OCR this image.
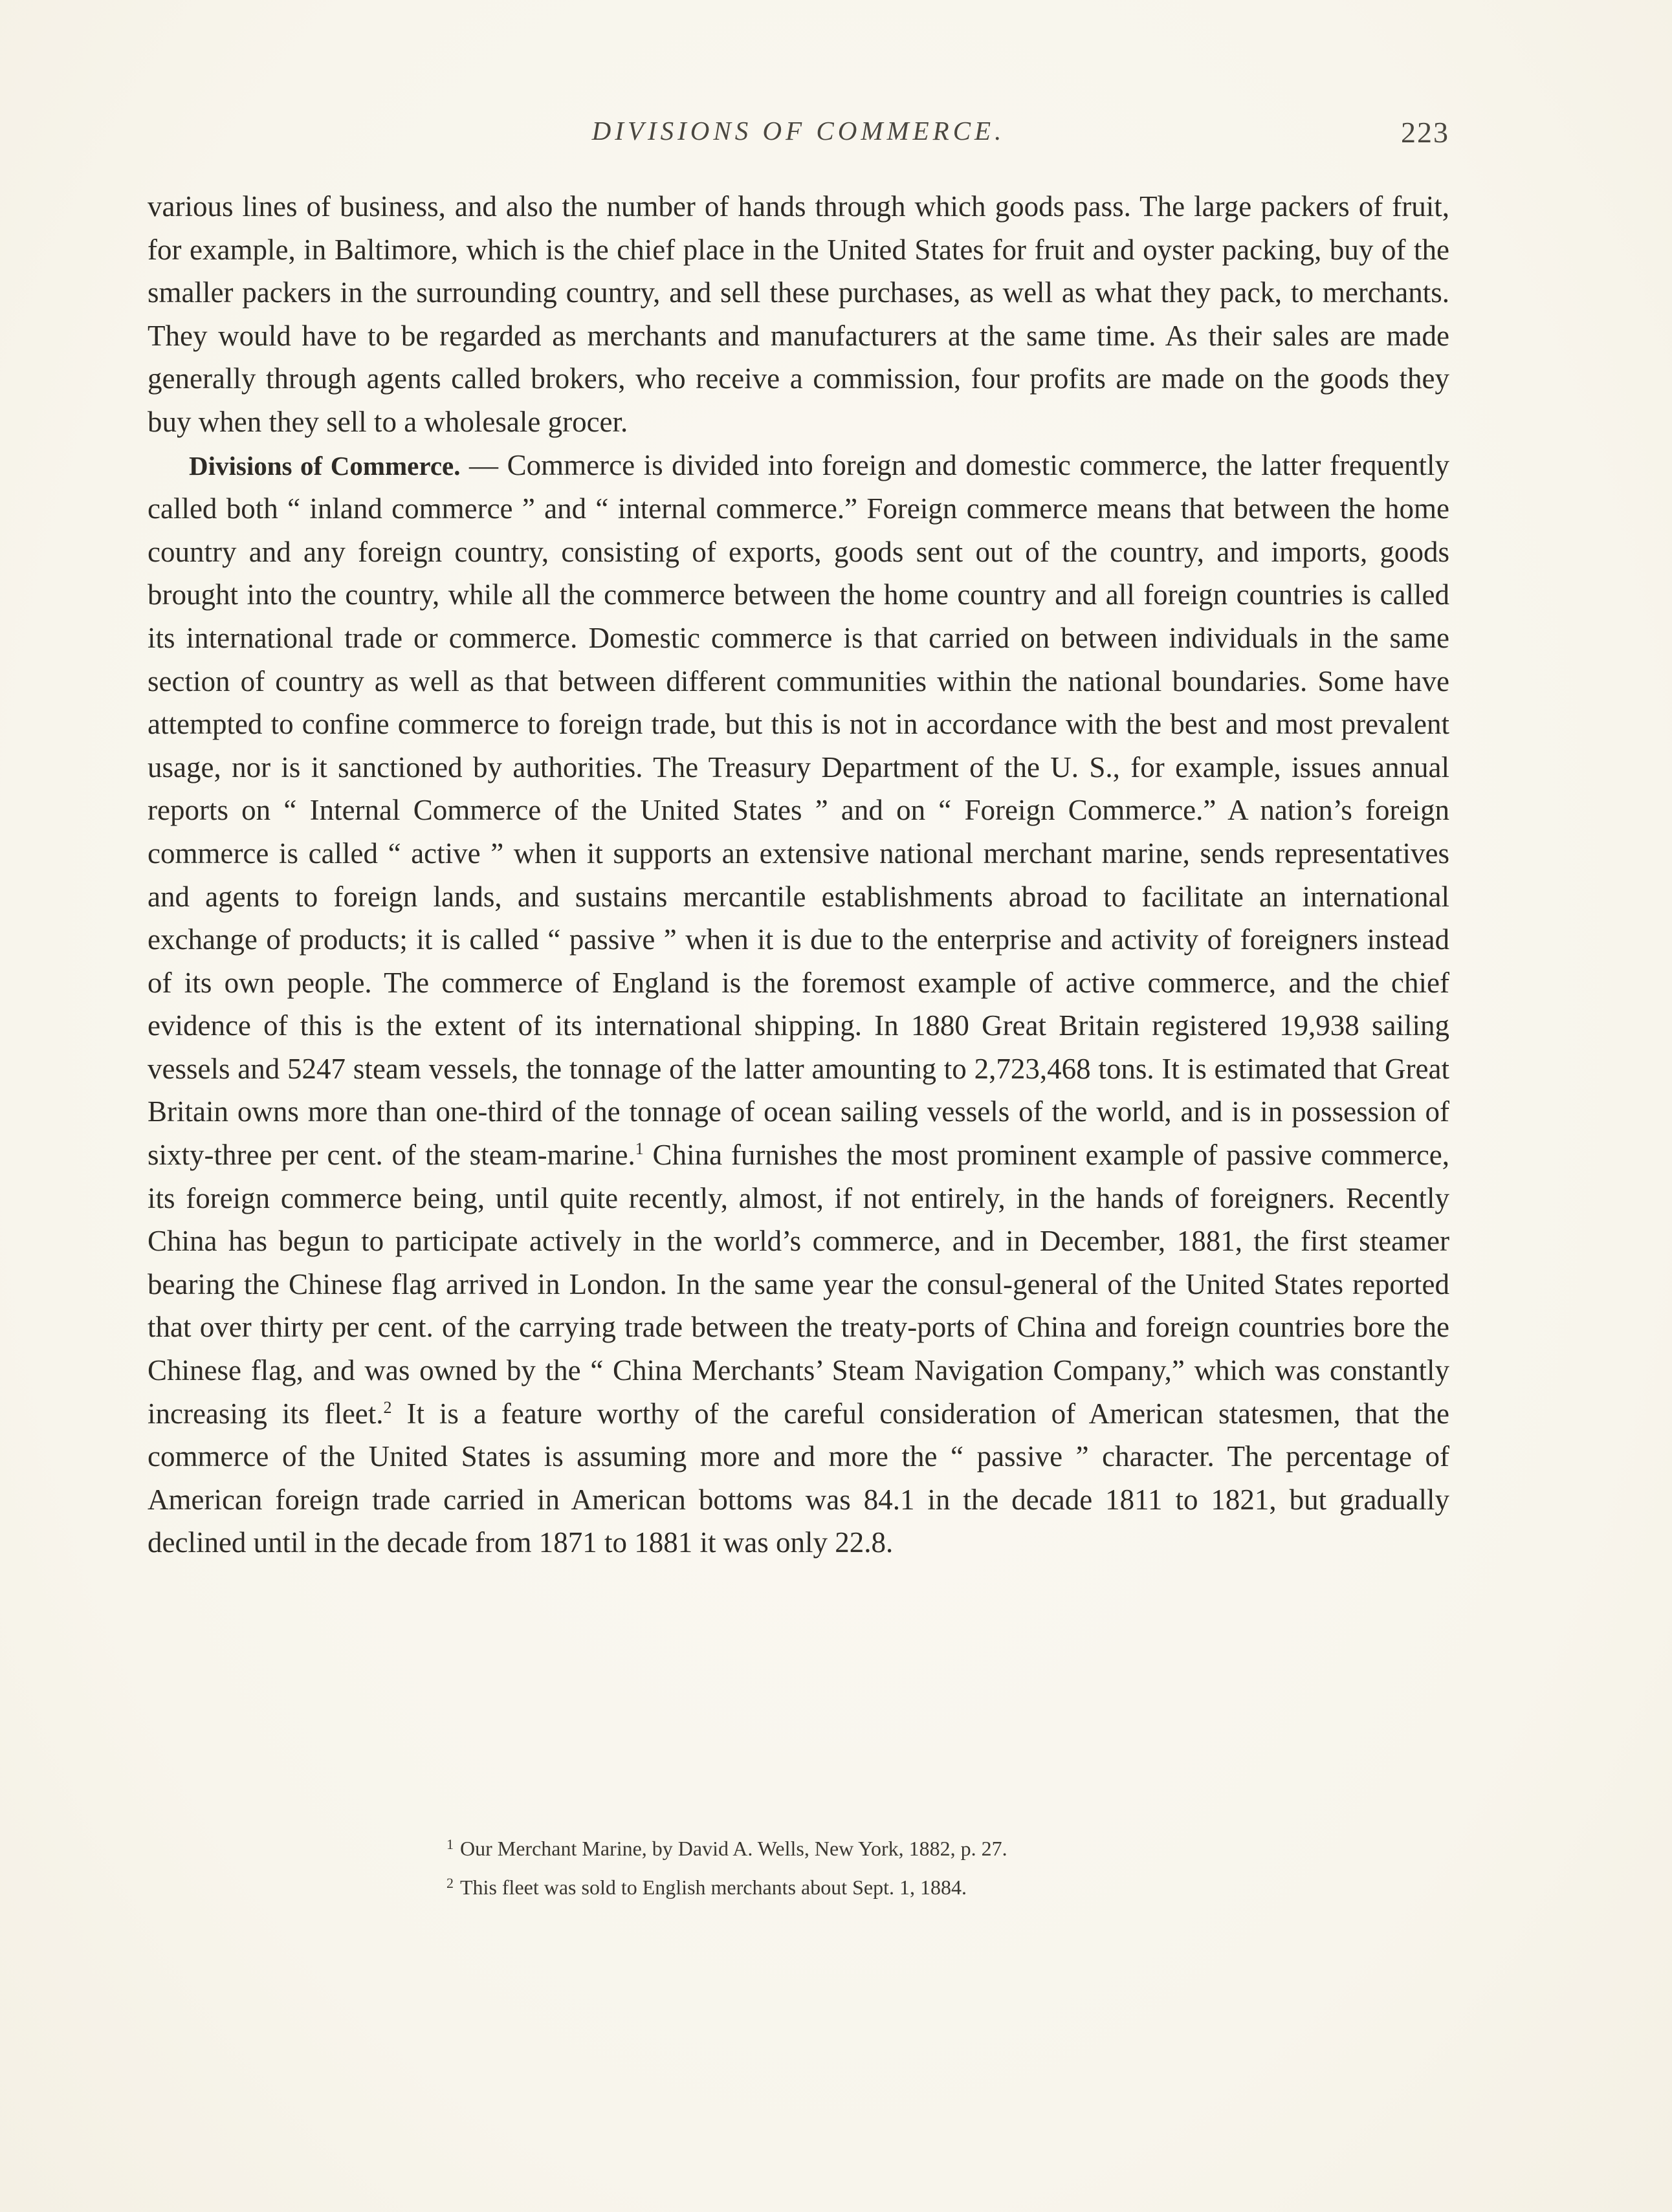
DIVISIONS OF COMMERCE.	223

various lines of business, and also the number of hands through which goods pass. The large packers of fruit, for example, in Baltimore, which is the chief place in the United States for fruit and oyster packing, buy of the smaller packers in the surrounding country, and sell these purchases, as well as what they pack, to merchants. They would have to be regarded as merchants and manufacturers at the same time. As their sales are made generally through agents called brokers, who receive a commission, four profits are made on the goods they buy when they sell to a wholesale grocer.

Divisions of Commerce. — Commerce is divided into foreign and domestic commerce, the latter frequently called both “ inland commerce ” and “ internal commerce.” Foreign commerce means that between the home country and any foreign country, consisting of exports, goods sent out of the country, and imports, goods brought into the country, while all the commerce between the home country and all foreign countries is called its international trade or commerce. Domestic commerce is that carried on between individuals in the same section of country as well as that between different communities within the national boundaries. Some have attempted to confine commerce to foreign trade, but this is not in accordance with the best and most prevalent usage, nor is it sanctioned by authorities. The Treasury Department of the U. S., for example, issues annual reports on “ Internal Commerce of the United States ” and on “ Foreign Commerce.” A nation’s foreign commerce is called “ active ” when it supports an extensive national merchant marine, sends representatives and agents to foreign lands, and sustains mercantile establishments abroad to facilitate an international exchange of products; it is called “ passive ” when it is due to the enterprise and activity of foreigners instead of its own people. The commerce of England is the foremost example of active commerce, and the chief evidence of this is the extent of its international shipping. In 1880 Great Britain registered 19,938 sailing vessels and 5247 steam vessels, the tonnage of the latter amounting to 2,723,468 tons. It is estimated that Great Britain owns more than one-third of the tonnage of ocean sailing vessels of the world, and is in possession of sixty-three per cent. of the steam-marine.$^1$ China furnishes the most prominent example of passive commerce, its foreign commerce being, until quite recently, almost, if not entirely, in the hands of foreigners. Recently China has begun to participate actively in the world’s commerce, and in December, 1881, the first steamer bearing the Chinese flag arrived in London. In the same year the consul-general of the United States reported that over thirty per cent. of the carrying trade between the treaty-ports of China and foreign countries bore the Chinese flag, and was owned by the “ China Merchants’ Steam Navigation Company,” which was constantly increasing its fleet.$^2$ It is a feature worthy of the careful consideration of American statesmen, that the commerce of the United States is assuming more and more the “ passive ” character. The percentage of American foreign trade carried in American bottoms was 84.1 in the decade 1811 to 1821, but gradually declined until in the decade from 1871 to 1881 it was only 22.8.

$^1$ Our Merchant Marine, by David A. Wells, New York, 1882, p. 27.
$^2$ This fleet was sold to English merchants about Sept. 1, 1884.
